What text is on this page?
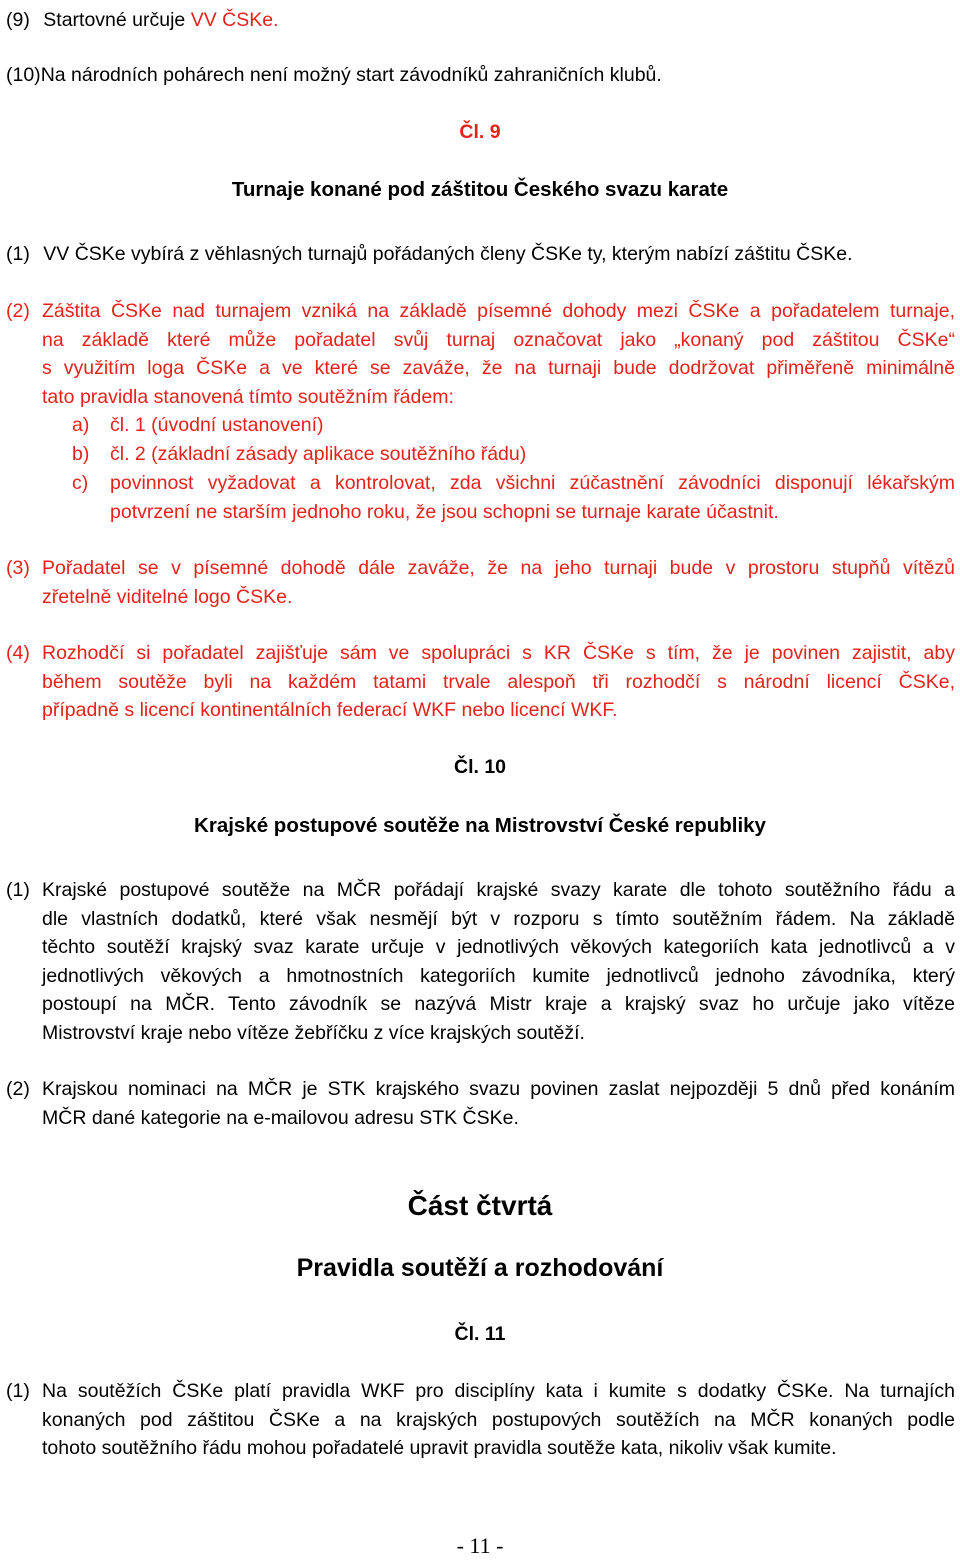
(9) Startovné určuje VV ČSKe.
(10)Na národních pohárech není možný start závodníků zahraničních klubů.
Čl. 9
Turnaje konané pod záštitou Českého svazu karate
(1) VV ČSKe vybírá z věhlasných turnajů pořádaných členy ČSKe ty, kterým nabízí záštitu ČSKe.
(2) Záštita ČSKe nad turnajem vzniká na základě písemné dohody mezi ČSKe a pořadatelem turnaje,

na základě které může pořadatel svůj turnaj označovat jako „konaný pod záštitou ČSKe“

s využitím loga ČSKe a ve které se zaváže, že na turnaji bude dodržovat přiměřeně minimálně

tato pravidla stanovená tímto soutěžním řádem:

a) čl. 1 (úvodní ustanovení)
b) čl. 2 (základní zásady aplikace soutěžního řádu)
c) povinnost vyžadovat a kontrolovat, zda všichni zúčastnění závodníci disponují lékařským

potvrzení ne starším jednoho roku, že jsou schopni se turnaje karate účastnit.

(3) Pořadatel se v písemné dohodě dále zaváže, že na jeho turnaji bude v prostoru stupňů vítězů

zřetelně viditelné logo ČSKe.

(4) Rozhodčí si pořadatel zajišťuje sám ve spolupráci s KR ČSKe s tím, že je povinen zajistit, aby

během soutěže byli na každém tatami trvale alespoň tři rozhodčí s národní licencí ČSKe,

případně s licencí kontinentálních federací WKF nebo licencí WKF.

Čl. 10
Krajské postupové soutěže na Mistrovství České republiky
(1) Krajské postupové soutěže na MČR pořádají krajské svazy karate dle tohoto soutěžního řádu a

dle vlastních dodatků, které však nesmějí být v rozporu s tímto soutěžním řádem. Na základě

těchto soutěží krajský svaz karate určuje v jednotlivých věkových kategoriích kata jednotlivců a v

jednotlivých věkových a hmotnostních kategoriích kumite jednotlivců jednoho závodníka, který

postoupí na MČR. Tento závodník se nazývá Mistr kraje a krajský svaz ho určuje jako vítěze

Mistrovství kraje nebo vítěze žebříčku z více krajských soutěží.

(2) Krajskou nominaci na MČR je STK krajského svazu povinen zaslat nejpozději 5 dnů před konáním

MČR dané kategorie na e-mailovou adresu STK ČSKe.

Část čtvrtá
Pravidla soutěží a rozhodování
Čl. 11
(1) Na soutěžích ČSKe platí pravidla WKF pro disciplíny kata i kumite s dodatky ČSKe. Na turnajích

konaných pod záštitou ČSKe a na krajských postupových soutěžích na MČR konaných podle

tohoto soutěžního řádu mohou pořadatelé upravit pravidla soutěže kata, nikoliv však kumite.

- 11 -
